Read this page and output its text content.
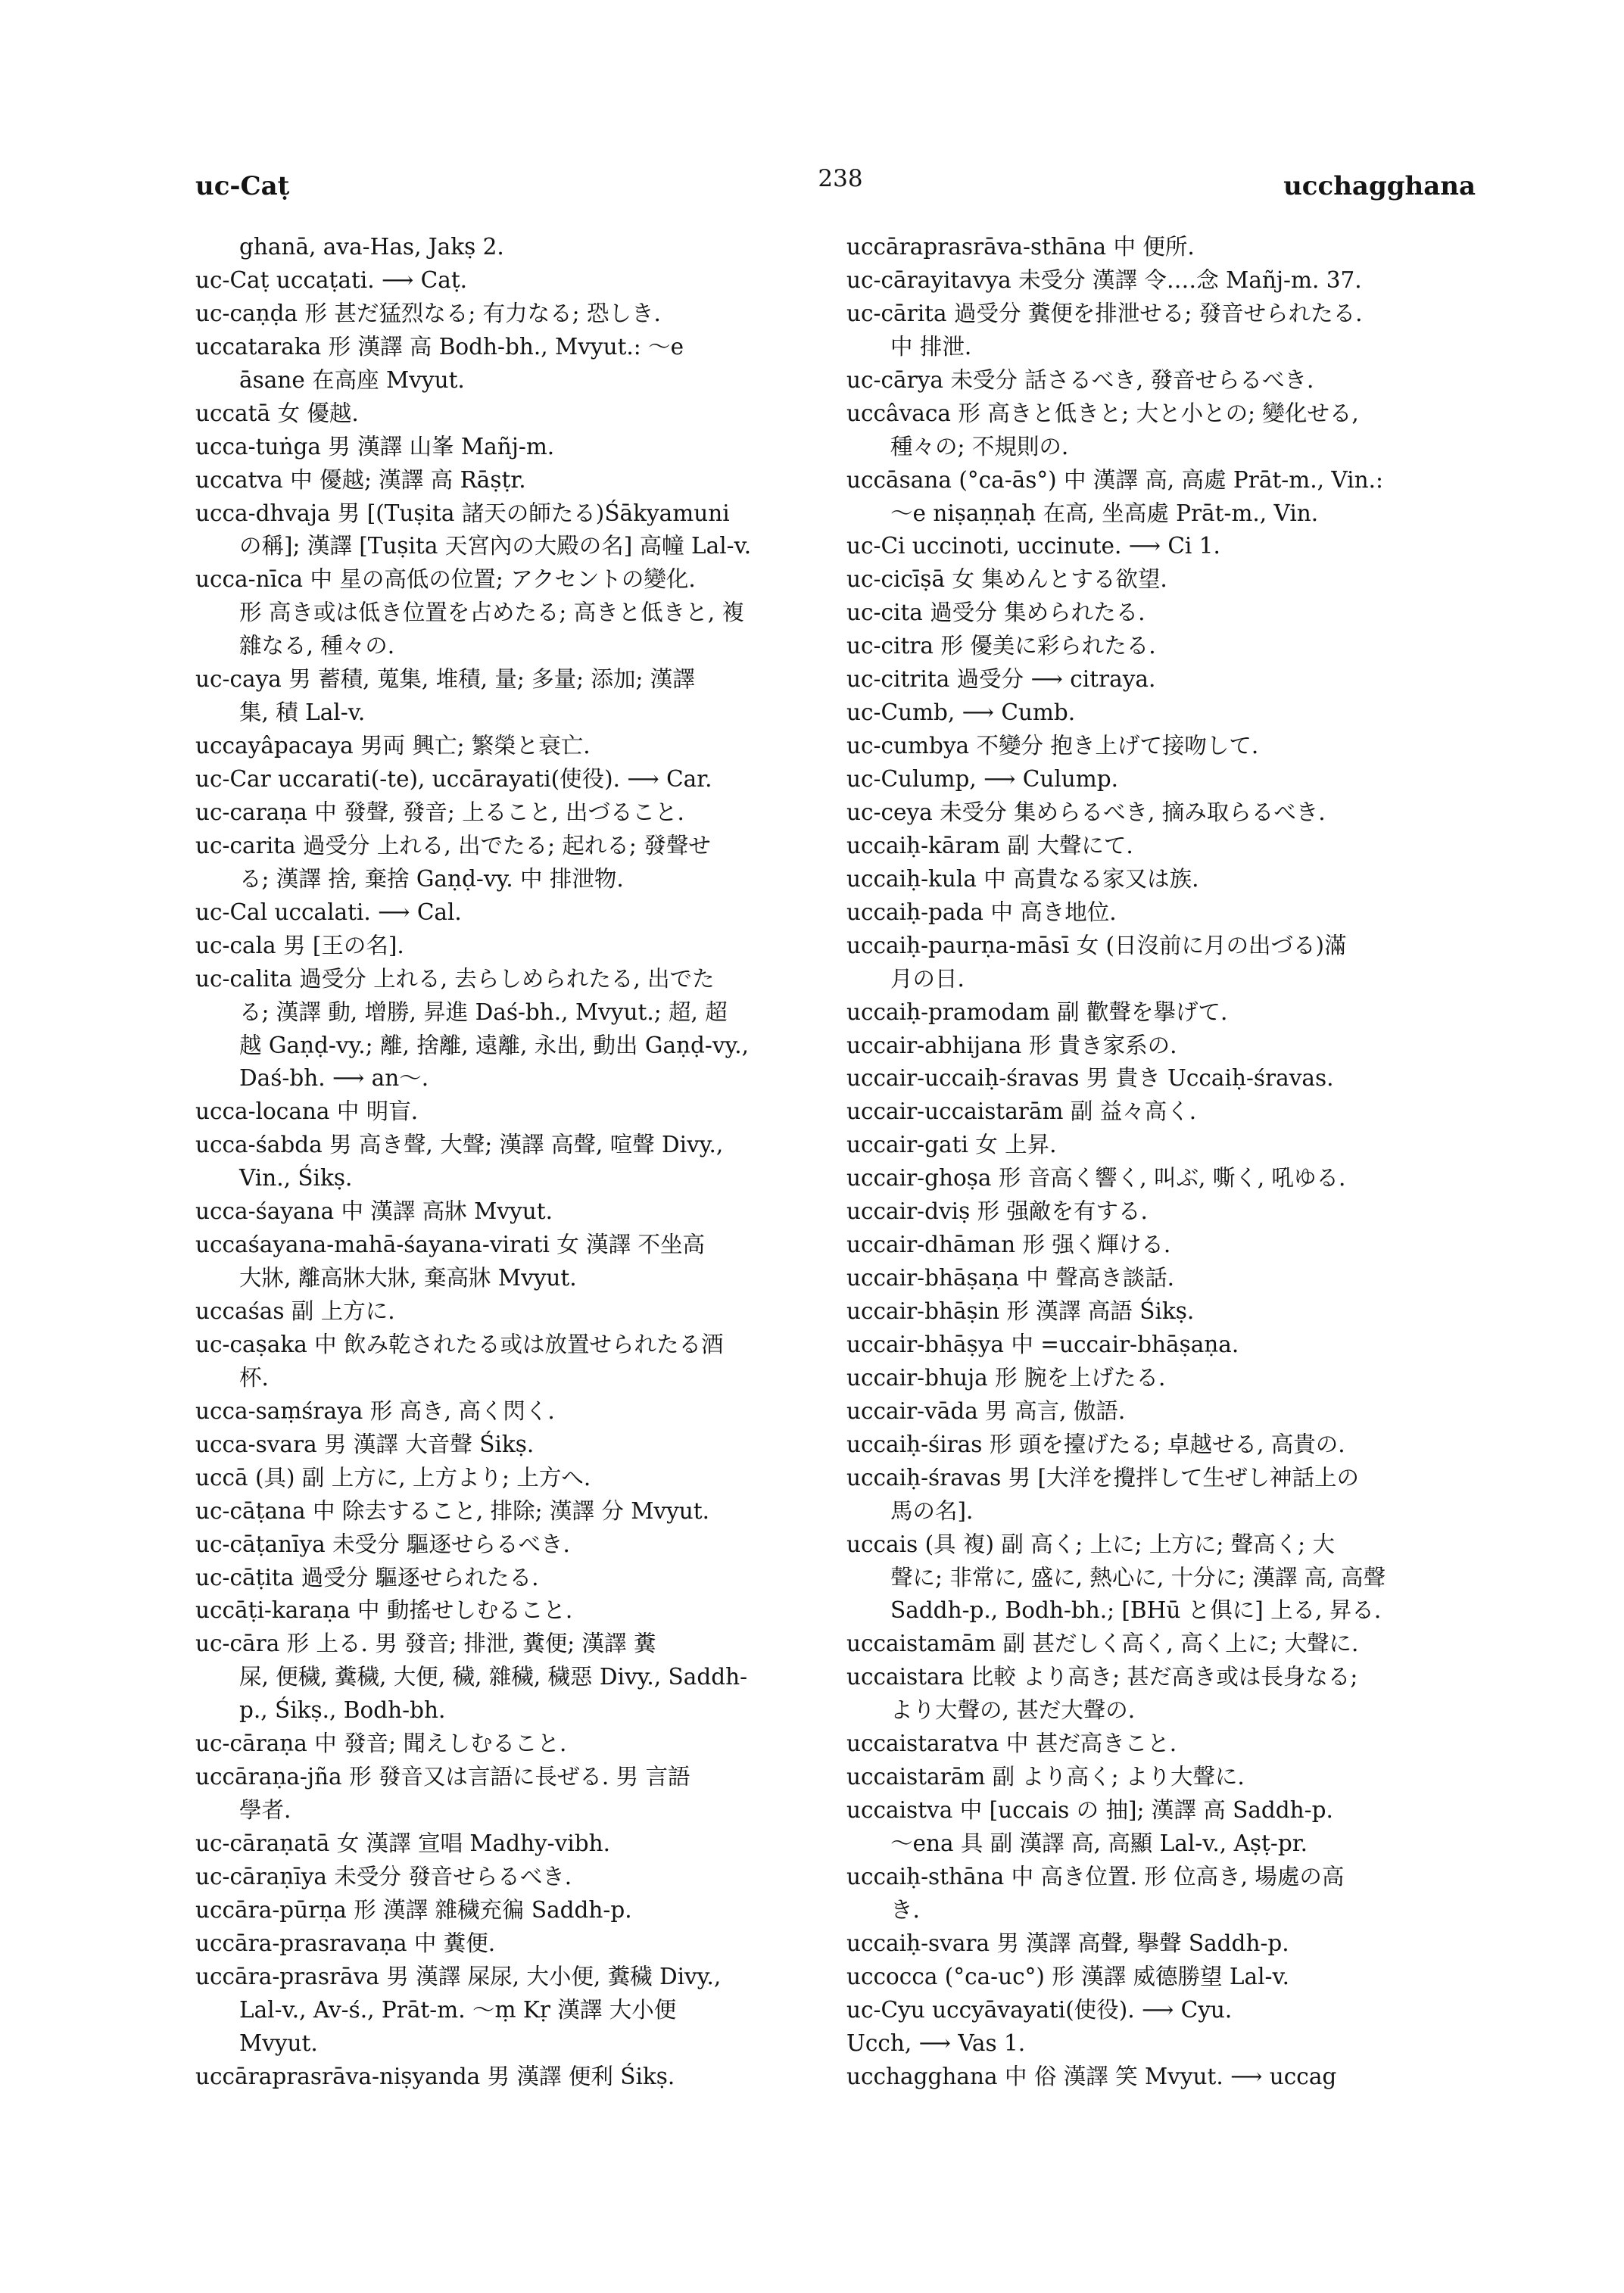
uc-Caṭ	238	ucchagghana
ghanā, ava-Has, Jakṣ 2.
uc-Caṭ uccaṭati. ⟶ Caṭ.
uc-caṇḍa 形 甚だ猛烈なる; 有力なる; 恐しき.
uccataraka 形 漢譯 高 Bodh-bh., Mvyut.: ～e
āsane 在高座 Mvyut.
uccatā 女 優越.
ucca-tuṅga 男 漢譯 山峯 Mañj-m.
uccatva 中 優越; 漢譯 高 Rāṣṭr.
ucca-dhvaja 男 [(Tuṣita 諸天の師たる)Śākyamuni
の稱]; 漢譯 [Tuṣita 天宮內の大殿の名] 高幢 Lal-v.
ucca-nīca 中 星の高低の位置; アクセントの變化.
形 高き或は低き位置を占めたる; 高きと低きと, 複
雜なる, 種々の.
uc-caya 男 蓄積, 蒐集, 堆積, 量; 多量; 添加; 漢譯
集, 積 Lal-v.
uccayâpacaya 男両 興亡; 繁榮と衰亡.
uc-Car uccarati(-te), uccārayati(使役). ⟶ Car.
uc-caraṇa 中 發聲, 發音; 上ること, 出づること.
uc-carita 過受分 上れる, 出でたる; 起れる; 發聲せ
る; 漢譯 捨, 棄捨 Gaṇḍ-vy. 中 排泄物.
uc-Cal uccalati. ⟶ Cal.
uc-cala 男 [王の名].
uc-calita 過受分 上れる, 去らしめられたる, 出でた
る; 漢譯 動, 增勝, 昇進 Daś-bh., Mvyut.; 超, 超
越 Gaṇḍ-vy.; 離, 捨離, 遠離, 永出, 動出 Gaṇḍ-vy.,
Daś-bh. ⟶ an～.
ucca-locana 中 明盲.
ucca-śabda 男 高き聲, 大聲; 漢譯 高聲, 喧聲 Divy.,
Vin., Śikṣ.
ucca-śayana 中 漢譯 高牀 Mvyut.
uccaśayana-mahā-śayana-virati 女 漢譯 不坐高
大牀, 離高牀大牀, 棄高牀 Mvyut.
uccaśas 副 上方に.
uc-caṣaka 中 飲み乾されたる或は放置せられたる酒
杯.
ucca-saṃśraya 形 高き, 高く閃く.
ucca-svara 男 漢譯 大音聲 Śikṣ.
uccā (具) 副 上方に, 上方より; 上方へ.
uc-cāṭana 中 除去すること, 排除; 漢譯 分 Mvyut.
uc-cāṭanīya 未受分 驅逐せらるべき.
uc-cāṭita 過受分 驅逐せられたる.
uccāṭi-karaṇa 中 動搖せしむること.
uc-cāra 形 上る. 男 發音; 排泄, 糞便; 漢譯 糞
屎, 便穢, 糞穢, 大便, 穢, 雜穢, 穢惡 Divy., Saddh-
p., Śikṣ., Bodh-bh.
uc-cāraṇa 中 發音; 聞えしむること.
uccāraṇa-jña 形 發音又は言語に長ぜる. 男 言語
學者.
uc-cāraṇatā 女 漢譯 宣唱 Madhy-vibh.
uc-cāraṇīya 未受分 發音せらるべき.
uccāra-pūrṇa 形 漢譯 雜穢充徧 Saddh-p.
uccāra-prasravaṇa 中 糞便.
uccāra-prasrāva 男 漢譯 屎尿, 大小便, 糞穢 Divy.,
Lal-v., Av-ś., Prāt-m. ～ṃ Kṛ 漢譯 大小便
Mvyut.
uccāraprasrāva-niṣyanda 男 漢譯 便利 Śikṣ.
uccāraprasrāva-sthāna 中 便所.
uc-cārayitavya 未受分 漢譯 令‥‥念 Mañj-m. 37.
uc-cārita 過受分 糞便を排泄せる; 發音せられたる.
中 排泄.
uc-cārya 未受分 話さるべき, 發音せらるべき.
uccâvaca 形 高きと低きと; 大と小との; 變化せる,
種々の; 不規則の.
uccāsana (°ca-ās°) 中 漢譯 高, 高處 Prāt-m., Vin.:
～e niṣaṇṇaḥ 在高, 坐高處 Prāt-m., Vin.
uc-Ci uccinoti, uccinute. ⟶ Ci 1.
uc-cicīṣā 女 集めんとする欲望.
uc-cita 過受分 集められたる.
uc-citra 形 優美に彩られたる.
uc-citrita 過受分 ⟶ citraya.
uc-Cumb, ⟶ Cumb.
uc-cumbya 不變分 抱き上げて接吻して.
uc-Culump, ⟶ Culump.
uc-ceya 未受分 集めらるべき, 摘み取らるべき.
uccaiḥ-kāram 副 大聲にて.
uccaiḥ-kula 中 高貴なる家又は族.
uccaiḥ-pada 中 高き地位.
uccaiḥ-paurṇa-māsī 女 (日沒前に月の出づる)滿
月の日.
uccaiḥ-pramodam 副 歡聲を擧げて.
uccair-abhijana 形 貴き家系の.
uccair-uccaiḥ-śravas 男 貴き Uccaiḥ-śravas.
uccair-uccaistarām 副 益々高く.
uccair-gati 女 上昇.
uccair-ghoṣa 形 音高く響く, 叫ぶ, 嘶く, 吼ゆる.
uccair-dviṣ 形 强敵を有する.
uccair-dhāman 形 强く輝ける.
uccair-bhāṣaṇa 中 聲高き談話.
uccair-bhāṣin 形 漢譯 高語 Śikṣ.
uccair-bhāṣya 中 =uccair-bhāṣaṇa.
uccair-bhuja 形 腕を上げたる.
uccair-vāda 男 高言, 傲語.
uccaiḥ-śiras 形 頭を擡げたる; 卓越せる, 高貴の.
uccaiḥ-śravas 男 [大洋を攪拌して生ぜし神話上の
馬の名].
uccais (具 複) 副 高く; 上に; 上方に; 聲高く; 大
聲に; 非常に, 盛に, 熱心に, 十分に; 漢譯 高, 高聲
Saddh-p., Bodh-bh.; [BHū と俱に] 上る, 昇る.
uccaistamām 副 甚だしく高く, 高く上に; 大聲に.
uccaistara 比較 より高き; 甚だ高き或は長身なる;
より大聲の, 甚だ大聲の.
uccaistaratva 中 甚だ高きこと.
uccaistarām 副 より高く; より大聲に.
uccaistva 中 [uccais の 抽]; 漢譯 高 Saddh-p.
～ena 具 副 漢譯 高, 高顯 Lal-v., Aṣṭ-pr.
uccaiḥ-sthāna 中 高き位置. 形 位高き, 場處の高
き.
uccaiḥ-svara 男 漢譯 高聲, 擧聲 Saddh-p.
uccocca (°ca-uc°) 形 漢譯 威德勝望 Lal-v.
uc-Cyu uccyāvayati(使役). ⟶ Cyu.
Ucch, ⟶ Vas 1.
ucchagghana 中 俗 漢譯 笑 Mvyut. ⟶ uccag
